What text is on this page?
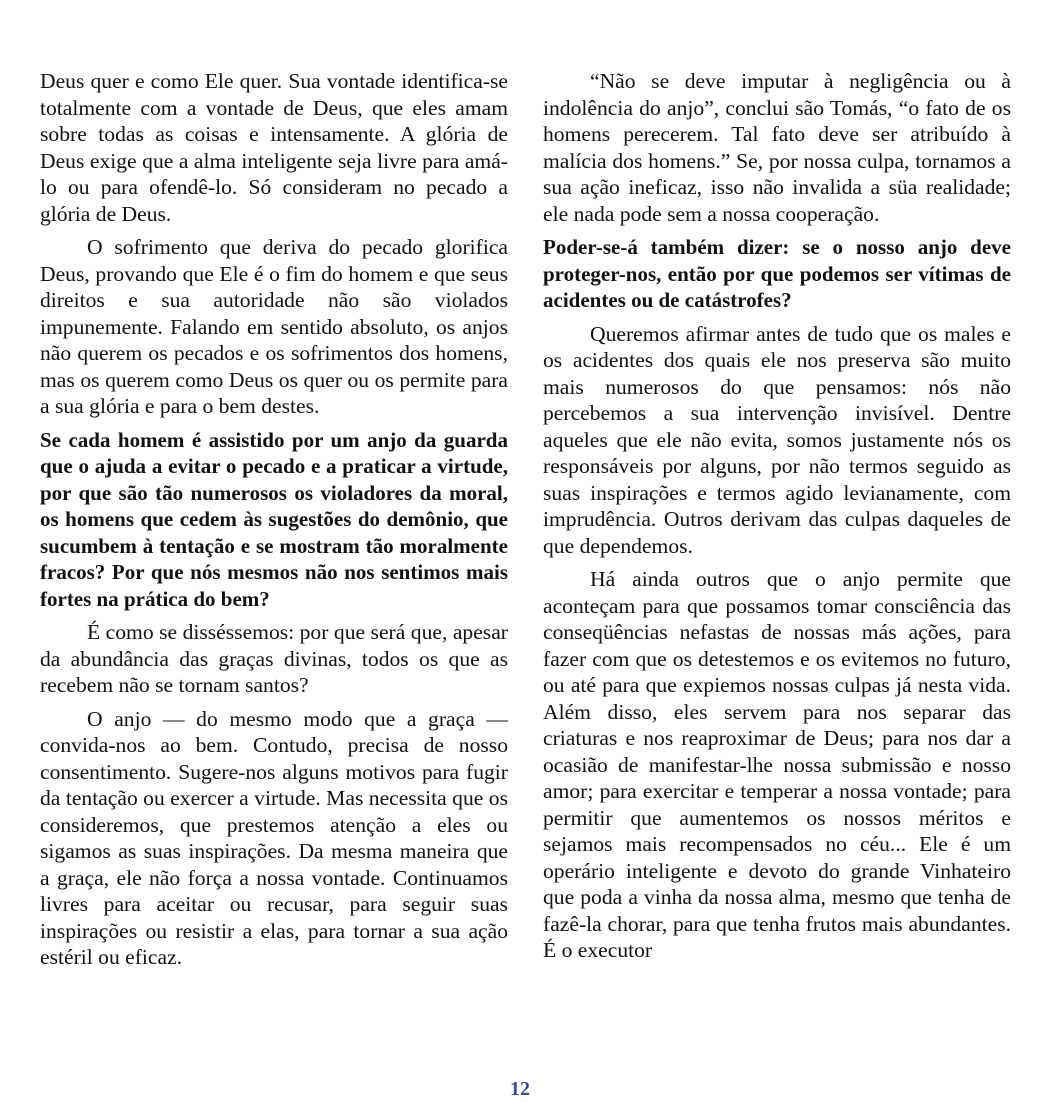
Deus quer e como Ele quer. Sua vontade identifica-se totalmente com a vontade de Deus, que eles amam sobre todas as coisas e intensamente. A glória de Deus exige que a alma inteligente seja livre para amá-lo ou para ofendê-lo. Só consideram no pecado a glória de Deus.

O sofrimento que deriva do pecado glorifica Deus, provando que Ele é o fim do homem e que seus direitos e sua autoridade não são violados impunemente. Falando em sentido absoluto, os anjos não querem os pecados e os sofrimentos dos homens, mas os querem como Deus os quer ou os permite para a sua glória e para o bem destes.

Se cada homem é assistido por um anjo da guarda que o ajuda a evitar o pecado e a praticar a virtude, por que são tão numerosos os violadores da moral, os homens que cedem às sugestões do demônio, que sucumbem à tentação e se mostram tão moralmente fracos? Por que nós mesmos não nos sentimos mais fortes na prática do bem?

É como se disséssemos: por que será que, apesar da abundância das graças divinas, todos os que as recebem não se tornam santos?

O anjo — do mesmo modo que a graça — convida-nos ao bem. Contudo, precisa de nosso consentimento. Sugere-nos alguns motivos para fugir da tentação ou exercer a virtude. Mas necessita que os consideremos, que prestemos atenção a eles ou sigamos as suas inspirações. Da mesma maneira que a graça, ele não força a nossa vontade. Continuamos livres para aceitar ou recusar, para seguir suas inspirações ou resistir a elas, para tornar a sua ação estéril ou eficaz.

“Não se deve imputar à negligência ou à indolência do anjo”, conclui são Tomás, “o fato de os homens perecerem. Tal fato deve ser atribuído à malícia dos homens.” Se, por nossa culpa, tornamos a sua ação ineficaz, isso não invalida a süa realidade; ele nada pode sem a nossa cooperação.

Poder-se-á também dizer: se o nosso anjo deve proteger-nos, então por que podemos ser vítimas de acidentes ou de catástrofes?

Queremos afirmar antes de tudo que os males e os acidentes dos quais ele nos preserva são muito mais numerosos do que pensamos: nós não percebemos a sua intervenção invisível. Dentre aqueles que ele não evita, somos justamente nós os responsáveis por alguns, por não termos seguido as suas inspirações e termos agido levianamente, com imprudência. Outros derivam das culpas daqueles de que dependemos.

Há ainda outros que o anjo permite que aconteçam para que possamos tomar consciência das conseqüências nefastas de nossas más ações, para fazer com que os detestemos e os evitemos no futuro, ou até para que expiemos nossas culpas já nesta vida. Além disso, eles servem para nos separar das criaturas e nos reaproximar de Deus; para nos dar a ocasião de manifestar-lhe nossa submissão e nosso amor; para exercitar e temperar a nossa vontade; para permitir que aumentemos os nossos méritos e sejamos mais recompensados no céu... Ele é um operário inteligente e devoto do grande Vinhateiro que poda a vinha da nossa alma, mesmo que tenha de fazê-la chorar, para que tenha frutos mais abundantes. É o executor

12
